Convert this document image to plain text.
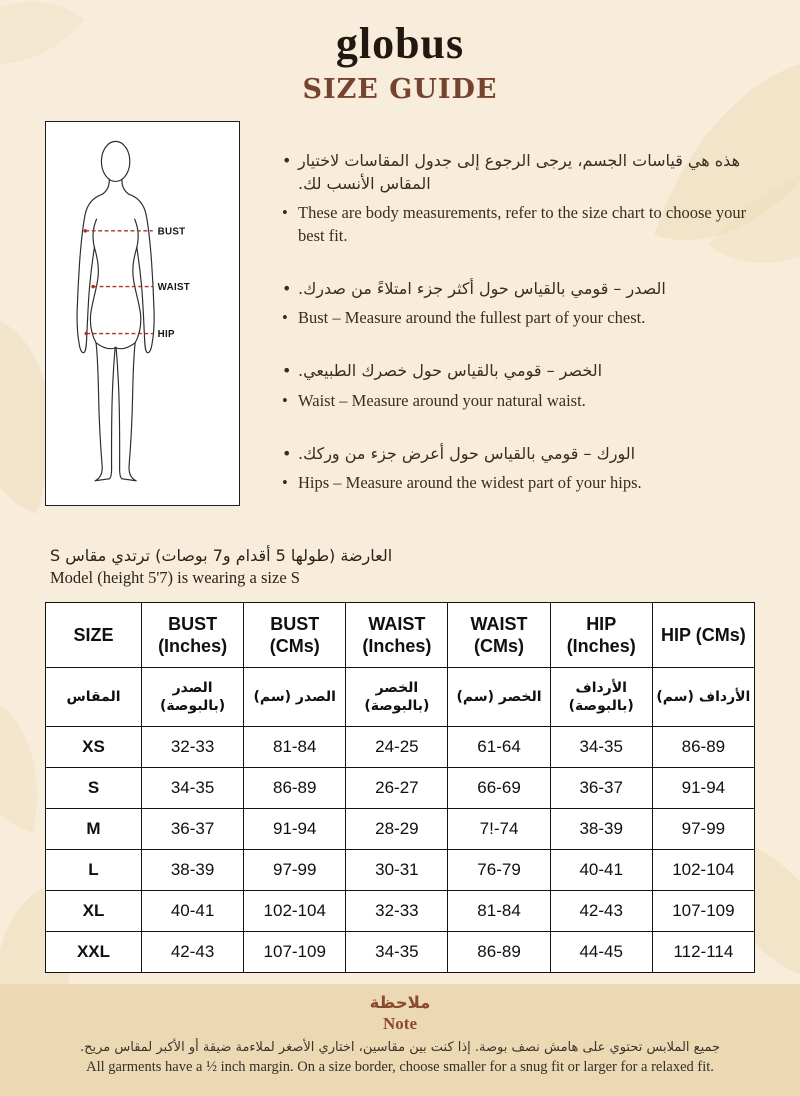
globus
SIZE GUIDE
BUST
WAIST
HIP
• هذه هي قياسات الجسم، يرجى الرجوع إلى جدول المقاسات لاختيار المقاس الأنسب لك.
• These are body measurements, refer to the size chart to choose your best fit.
• الصدر – قومي بالقياس حول أكثر جزء امتلاءً من صدرك.
• Bust – Measure around the fullest part of your chest.
• الخصر – قومي بالقياس حول خصرك الطبيعي.
• Waist – Measure around your natural waist.
• الورك – قومي بالقياس حول أعرض جزء من وركك.
• Hips – Measure around the widest part of your hips.
العارضة (طولها 5 أقدام و7 بوصات) ترتدي مقاس S
Model (height 5'7) is wearing a size S
SIZE	BUST (Inches)	BUST (CMs)	WAIST (Inches)	WAIST (CMs)	HIP (Inches)	HIP (CMs)
المقاس	الصدر (بالبوصة)	الصدر (سم)	الخصر (بالبوصة)	الخصر (سم)	الأرداف (بالبوصة)	الأرداف (سم)
XS	32-33	81-84	24-25	61-64	34-35	86-89
S	34-35	86-89	26-27	66-69	36-37	91-94
M	36-37	91-94	28-29	7!-74	38-39	97-99
L	38-39	97-99	30-31	76-79	40-41	102-104
XL	40-41	102-104	32-33	81-84	42-43	107-109
XXL	42-43	107-109	34-35	86-89	44-45	112-114
ملاحظة
Note
جميع الملابس تحتوي على هامش نصف بوصة. إذا كنت بين مقاسين، اختاري الأصغر لملاءمة ضيقة أو الأكبر لمقاس مريح.
All garments have a ½ inch margin. On a size border, choose smaller for a snug fit or larger for a relaxed fit.
